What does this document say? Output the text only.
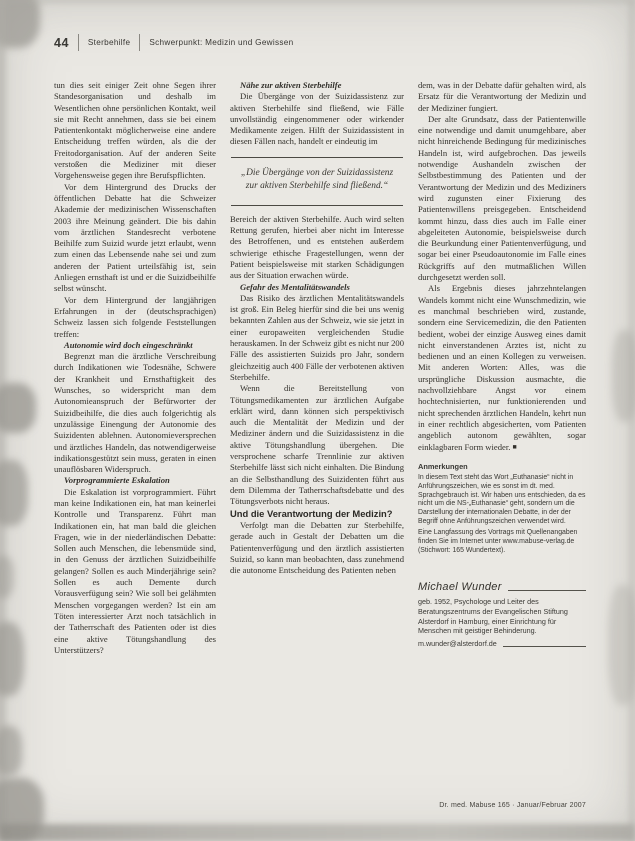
44 Sterbehilfe Schwerpunkt: Medizin und Gewissen

tun dies seit einiger Zeit ohne Segen ihrer Standesorganisation und deshalb im Wesentlichen ohne persönlichen Kontakt, weil sie mit Recht annehmen, dass sie bei einem Patientenkontakt möglicherweise eine andere Entscheidung treffen würden, als die der Freitodorganisation. Auf der anderen Seite verstoßen die Mediziner mit dieser Vorgehensweise gegen ihre Berufspflichten.

Vor dem Hintergrund des Drucks der öffentlichen Debatte hat die Schweizer Akademie der medizinischen Wissenschaften 2003 ihre Meinung geändert. Die bis dahin vom ärztlichen Standesrecht verbotene Beihilfe zum Suizid wurde jetzt erlaubt, wenn zum einen das Lebensende nahe sei und zum anderen der Patient urteilsfähig ist, sein Anliegen ernsthaft ist und er die Suizidbeihilfe selbst wünscht.

Vor dem Hintergrund der langjährigen Erfahrungen in der (deutschsprachigen) Schweiz lassen sich folgende Feststellungen treffen:

Autonomie wird doch eingeschränkt

Begrenzt man die ärztliche Verschreibung durch Indikationen wie Todesnähe, Schwere der Krankheit und Ernsthaftigkeit des Wunsches, so widerspricht man dem Autonomieanspruch der Befürworter der Suizidbeihilfe, die dies auch folgerichtig als unzulässige Einengung der Autonomie des Suizidenten ablehnen. Autonomieversprechen und ärztliches Handeln, das notwendigerweise indikationsgestützt sein muss, geraten in einen unauflösbaren Widerspruch.

Vorprogrammierte Eskalation

Die Eskalation ist vorprogrammiert. Führt man keine Indikationen ein, hat man keinerlei Kontrolle und Transparenz. Führt man Indikationen ein, hat man bald die gleichen Fragen, wie in der niederländischen Debatte: Sollen auch Menschen, die lebensmüde sind, in den Genuss der ärztlichen Suizidbeihilfe gelangen? Sollen es auch Minderjährige sein? Sollen es auch Demente durch Vorausverfügung sein? Wie soll bei gelähmten Menschen vorgegangen werden? Ist ein am Töten interessierter Arzt noch tatsächlich in der Tatherrschaft des Patienten oder ist dies eine aktive Tötungshandlung des Unterstützers?

Nähe zur aktiven Sterbehilfe

Die Übergänge von der Suizidassistenz zur aktiven Sterbehilfe sind fließend, wie Fälle unvollständig eingenommener oder wirkender Medikamente zeigen. Hilft der Suizidassistent in diesen Fällen nach, handelt er eindeutig im

„Die Übergänge von der Suizidassistenz zur aktiven Sterbehilfe sind fließend.“

Bereich der aktiven Sterbehilfe. Auch wird selten Rettung gerufen, hierbei aber nicht im Interesse des Betroffenen, und es entstehen außerdem schwierige ethische Fragestellungen, wenn der Patient beispielsweise mit starken Schädigungen aus der Situation erwachen würde.

Gefahr des Mentalitätswandels

Das Risiko des ärztlichen Mentalitätswandels ist groß. Ein Beleg hierfür sind die bei uns wenig bekannten Zahlen aus der Schweiz, wie sie jetzt in einer europaweiten vergleichenden Studie herauskamen. In der Schweiz gibt es nicht nur 200 Fälle des assistierten Suizids pro Jahr, sondern gleichzeitig auch 400 Fälle der verbotenen aktiven Sterbehilfe.

Wenn die Bereitstellung von Tötungsmedikamenten zur ärztlichen Aufgabe erklärt wird, dann können sich perspektivisch auch die Mentalität der Medizin und der Mediziner ändern und die Suizidassistenz in die aktive Tötungshandlung übergehen. Die versprochene scharfe Trennlinie zur aktiven Sterbehilfe lässt sich nicht einhalten. Die Bindung an die Selbsthandlung des Suizidenten führt aus dem Dilemma der Tatherrschaftsdebatte und des Tötungsverbots nicht heraus.

Und die Verantwortung der Medizin?

Verfolgt man die Debatten zur Sterbehilfe, gerade auch in Gestalt der Debatten um die Patientenverfügung und den ärztlich assistierten Suizid, so kann man beobachten, dass zunehmend die autonome Entscheidung des Patienten neben

dem, was in der Debatte dafür gehalten wird, als Ersatz für die Verantwortung der Medizin und der Mediziner fungiert.

Der alte Grundsatz, dass der Patientenwille eine notwendige und damit unumgehbare, aber nicht hinreichende Bedingung für medizinisches Handeln ist, wird aufgebrochen. Das jeweils notwendige Aushandeln zwischen der Selbstbestimmung des Patienten und der Verantwortung der Medizin und des Mediziners wird zugunsten einer Fixierung des Patientenwillens preisgegeben. Entscheidend kommt hinzu, dass dies auch im Falle einer abgeleiteten Autonomie, beispielsweise durch die Beurkundung einer Patientenverfügung, und sogar bei einer Pseudoautonomie im Falle eines Rückgriffs auf den mutmaßlichen Willen durchgesetzt werden soll.

Als Ergebnis dieses jahrzehntelangen Wandels kommt nicht eine Wunschmedizin, wie es manchmal beschrieben wird, zustande, sondern eine Servicemedizin, die den Patienten bedient, wobei der einzige Ausweg eines damit nicht einverstandenen Arztes ist, nicht zu bedienen und an einen Kollegen zu verweisen. Mit anderen Worten: Alles, was die ursprüngliche Diskussion ausmachte, die nachvollziehbare Angst vor einem hochtechnisierten, nur funktionierenden und nicht sprechenden ärztlichen Handeln, kehrt nun in einer rechtlich abgesicherten, vom Patienten angeblich autonom gewählten, sogar einklagbaren Form wieder. ■

Anmerkungen

In diesem Text steht das Wort „Euthanasie“ nicht in Anführungszeichen, wie es sonst im dt. med. Sprachgebrauch ist. Wir haben uns entschieden, da es nicht um die NS-„Euthanasie“ geht, sondern um die Darstellung der internationalen Debatte, in der der Begriff ohne Anführungszeichen verwendet wird.

Eine Langfassung des Vortrags mit Quellenangaben finden Sie im Internet unter www.mabuse-verlag.de (Stichwort: 165 Wundertext).

Michael Wunder

geb. 1952, Psychologe und Leiter des Beratungszentrums der Evangelischen Stiftung Alsterdorf in Hamburg, einer Einrichtung für Menschen mit geistiger Behinderung.

m.wunder@alsterdorf.de
Dr. med. Mabuse 165 · Januar/Februar 2007
